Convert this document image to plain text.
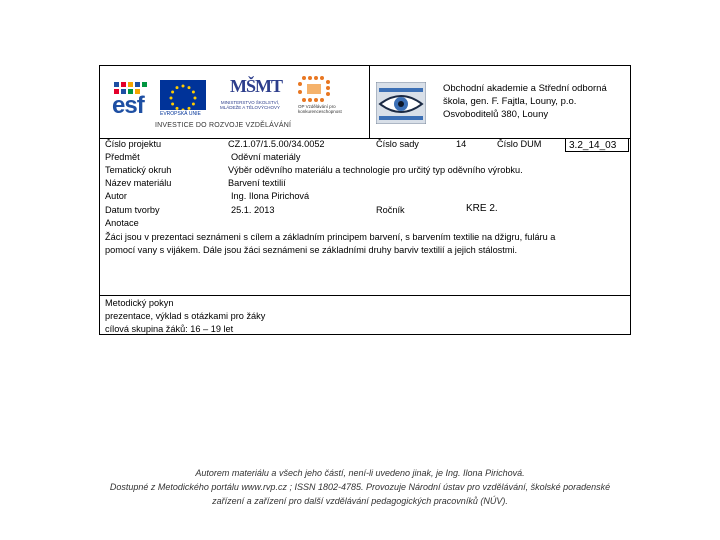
esf	EVROPSKÁ UNIE
MŠMT
MINISTERSTVO ŠKOLSTVÍ, MLÁDEŽE A TĚLOVÝCHOVY	OP Vzdělávání pro konkurenceschopnost
INVESTICE DO ROZVOJE VZDĚLÁVÁNÍ
Obchodní akademie a Střední odborná
škola, gen. F. Fajtla, Louny, p.o.
Osvoboditelů 380, Louny
Číslo projektu	CZ.1.07/1.5.00/34.0052	Číslo sady	14	Číslo DUM	3.2_14_03
Předmět	Oděvní materiály
Tematický okruh	Výběr oděvního materiálu a technologie pro určitý typ oděvního výrobku.
Název materiálu	Barvení textilií
Autor	Ing. Ilona Pirichová
Datum tvorby	25.1. 2013	Ročník	KRE 2.
Anotace
Žáci jsou v prezentaci seznámeni s cílem a základním principem barvení, s barvením textilie na džigru, fuláru a
pomocí vany s vijákem. Dále jsou žáci seznámeni se základními druhy barviv textilií a jejich stálostmi.
Metodický pokyn
prezentace, výklad s otázkami pro žáky
cílová skupina žáků: 16 – 19 let
Autorem materiálu a všech jeho částí, není-li uvedeno jinak, je Ing. Ilona Pirichová.
Dostupné z Metodického portálu www.rvp.cz ; ISSN 1802-4785. Provozuje Národní ústav pro vzdělávání, školské poradenské
zařízení a zařízení pro další vzdělávání pedagogických pracovníků (NÚV).
